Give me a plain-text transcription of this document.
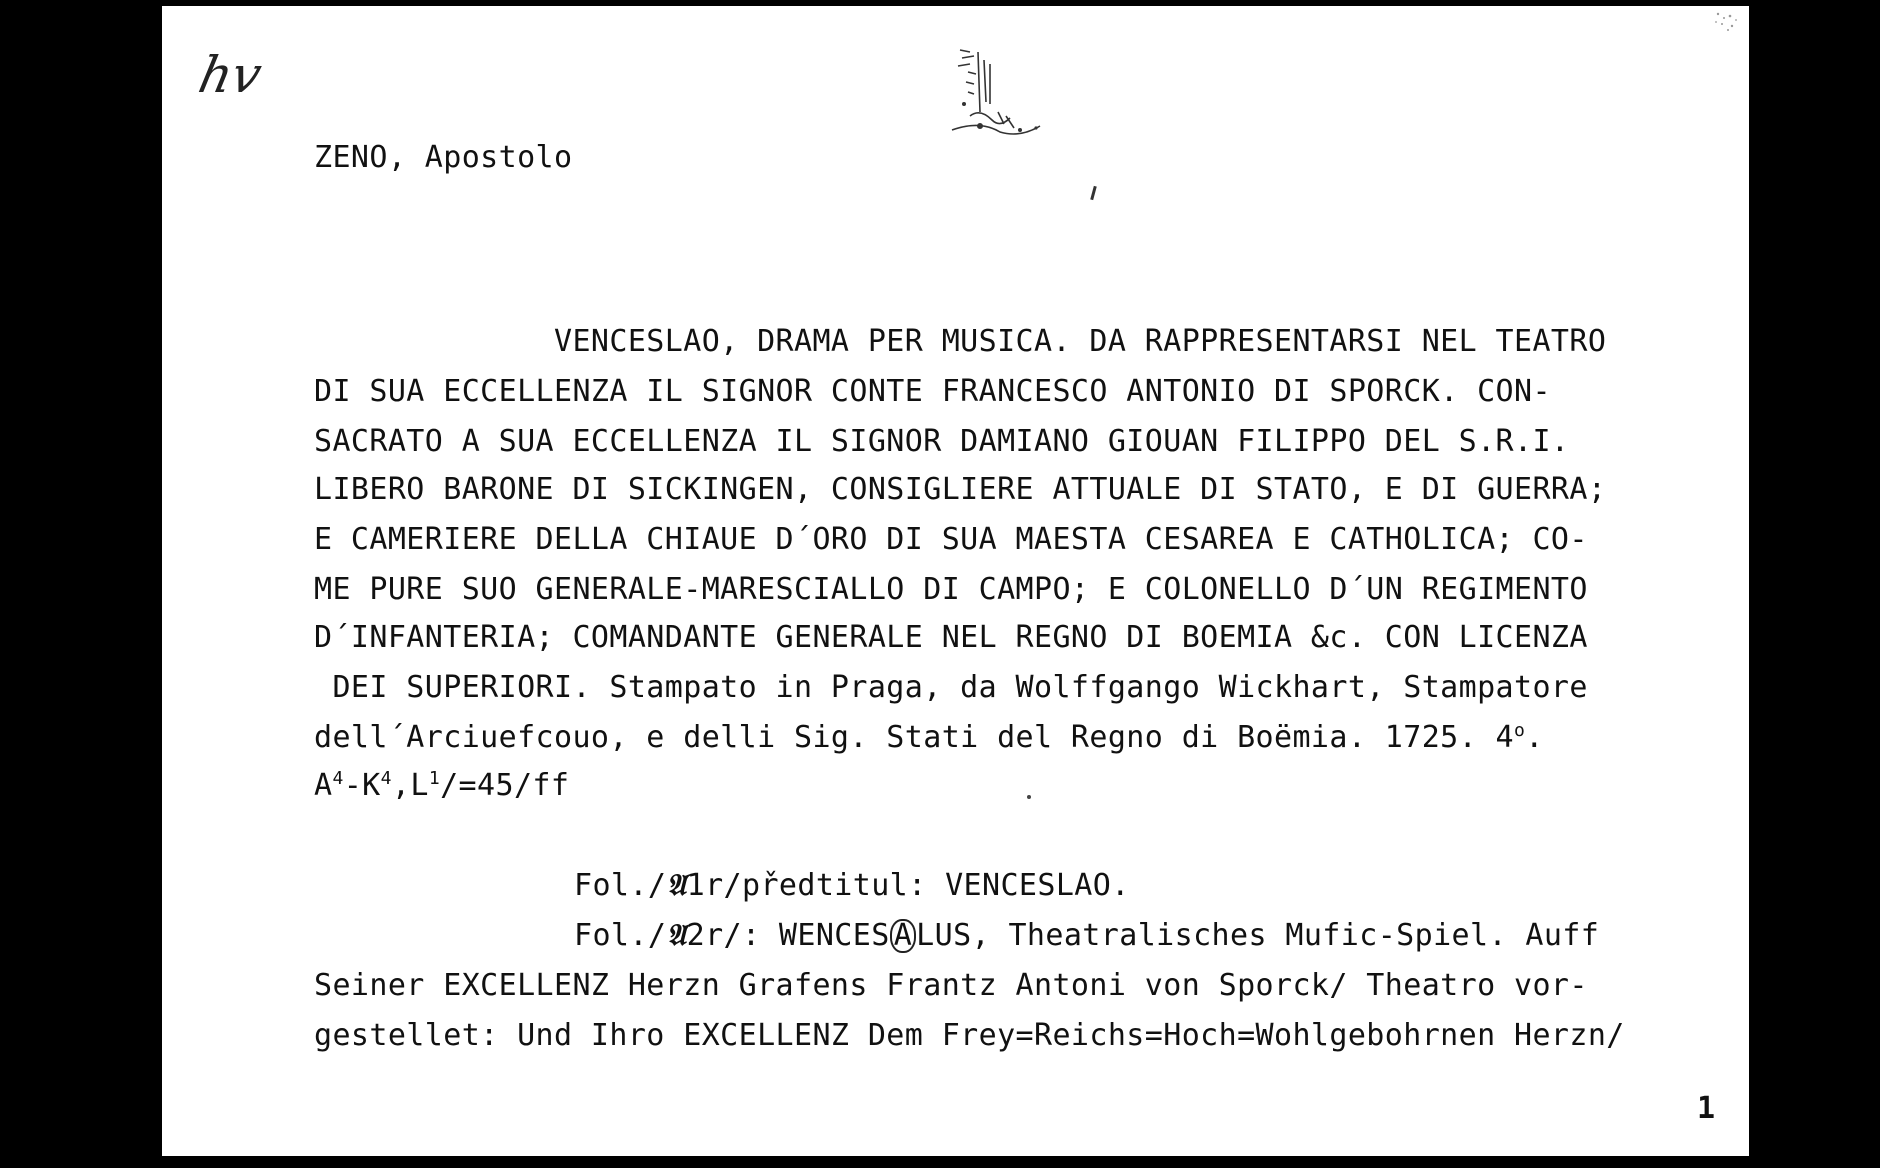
hv

ZENO, Apostolo

VENCESLAO, DRAMA PER MUSICA. DA RAPPRESENTARSI NEL TEATRO

DI SUA ECCELLENZA IL SIGNOR CONTE FRANCESCO ANTONIO DI SPORCK. CON-

SACRATO A SUA ECCELLENZA IL SIGNOR DAMIANO GIOUAN FILIPPO DEL S.R.I.

LIBERO BARONE DI SICKINGEN, CONSIGLIERE ATTUALE DI STATO, E DI GUERRA;

E CAMERIERE DELLA CHIAUE D´ORO DI SUA MAESTA CESAREA E CATHOLICA; CO-

ME PURE SUO GENERALE-MARESCIALLO DI CAMPO; E COLONELLO D´UN REGIMENTO

D´INFANTERIA; COMANDANTE GENERALE NEL REGNO DI BOEMIA &c. CON LICENZA

DEI SUPERIORI. Stampato in Praga, da Wolffgango Wickhart, Stampatore

dell´Arciuefcouo, e delli Sig. Stati del Regno di Boëmia. 1725. 4$^o$.

$A^4-K^4,L^1/=45/ff$

Fol./𝔄1r/předtitul: VENCESLAO.

Fol./𝔄2r/: WENCES A LUS, Theatralisches Mufic-Spiel. Auff

Seiner EXCELLENZ Herzn Grafens Frantz Antoni von Sporck/ Theatro vor-

gestellet: Und Ihro EXCELLENZ Dem Frey=Reichs=Hoch=Wohlgebohrnen Herzn/

1
